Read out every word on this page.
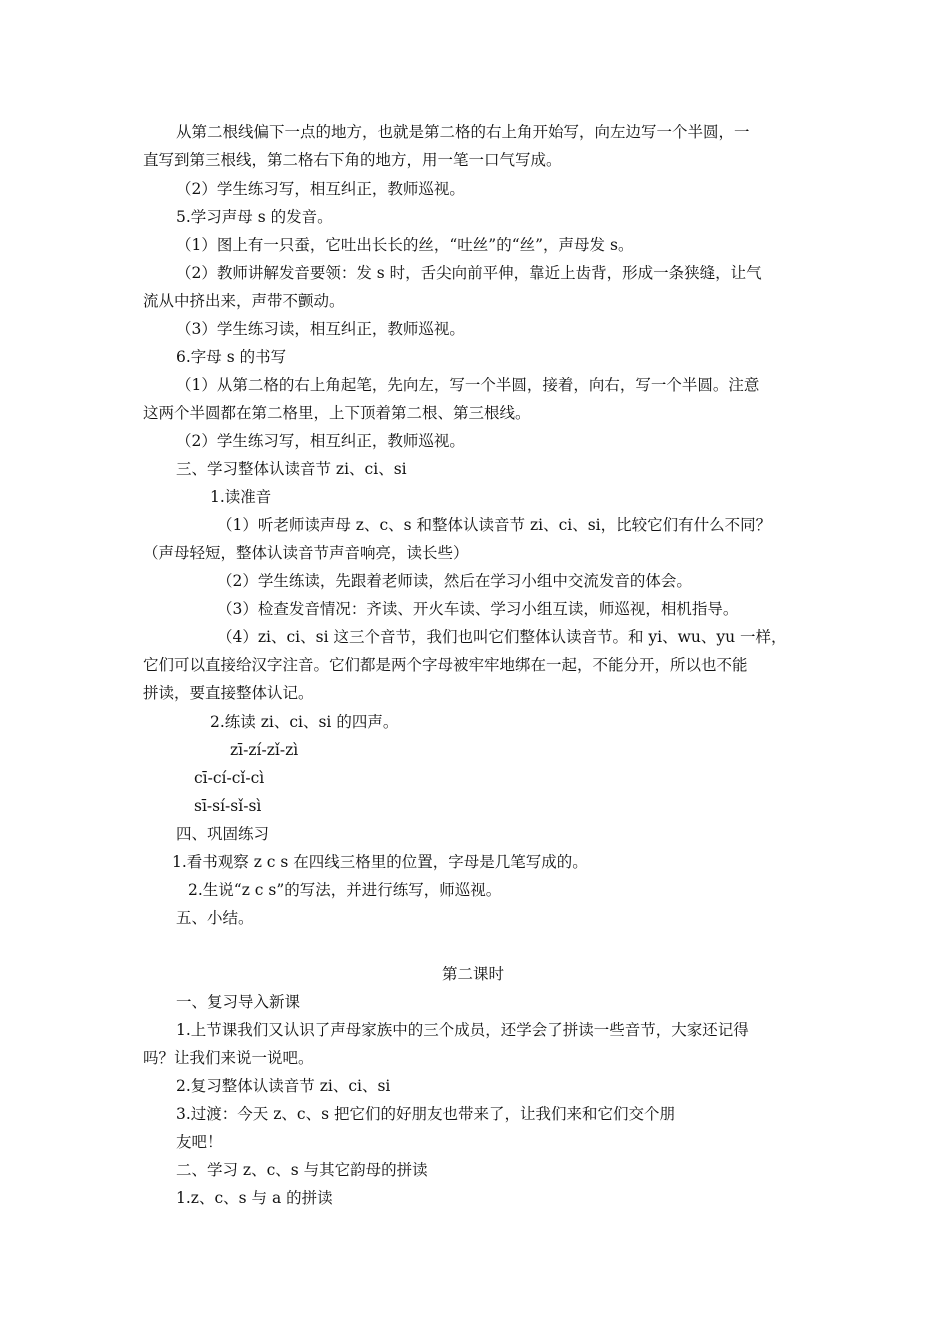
从第二根线偏下一点的地方，也就是第二格的右上角开始写，向左边写一个半圆，一
直写到第三根线，第二格右下角的地方，用一笔一口气写成。
（2）学生练习写，相互纠正，教师巡视。
5.学习声母 s 的发音。
（1）图上有一只蚕，它吐出长长的丝，“吐丝”的“丝”，声母发 s。
（2）教师讲解发音要领：发 s 时，舌尖向前平伸，靠近上齿背，形成一条狭缝，让气
流从中挤出来，声带不颤动。
（3）学生练习读，相互纠正，教师巡视。
6.字母 s 的书写
（1）从第二格的右上角起笔，先向左，写一个半圆，接着，向右，写一个半圆。注意
这两个半圆都在第二格里，上下顶着第二根、第三根线。
（2）学生练习写，相互纠正，教师巡视。
三、学习整体认读音节 zi、ci、si
1.读准音
（1）听老师读声母 z、c、s 和整体认读音节 zi、ci、si，比较它们有什么不同？
（声母轻短，整体认读音节声音响亮，读长些）
（2）学生练读，先跟着老师读，然后在学习小组中交流发音的体会。
（3）检查发音情况：齐读、开火车读、学习小组互读，师巡视，相机指导。
（4）zi、ci、si 这三个音节，我们也叫它们整体认读音节。和 yi、wu、yu 一样，
它们可以直接给汉字注音。它们都是两个字母被牢牢地绑在一起，不能分开，所以也不能
拼读，要直接整体认记。
2.练读 zi、ci、si 的四声。
zī-zí-zǐ-zì
cī-cí-cǐ-cì
sī-sí-sǐ-sì
四、巩固练习
1.看书观察 z c s 在四线三格里的位置，字母是几笔写成的。
2.生说“z c s”的写法，并进行练写，师巡视。
五、小结。
第二课时
一、复习导入新课
1.上节课我们又认识了声母家族中的三个成员，还学会了拼读一些音节，大家还记得
吗？让我们来说一说吧。
2.复习整体认读音节 zi、ci、si
3.过渡：今天 z、c、s 把它们的好朋友也带来了，让我们来和它们交个朋
友吧！
二、学习 z、c、s 与其它韵母的拼读
1.z、c、s 与 a 的拼读
